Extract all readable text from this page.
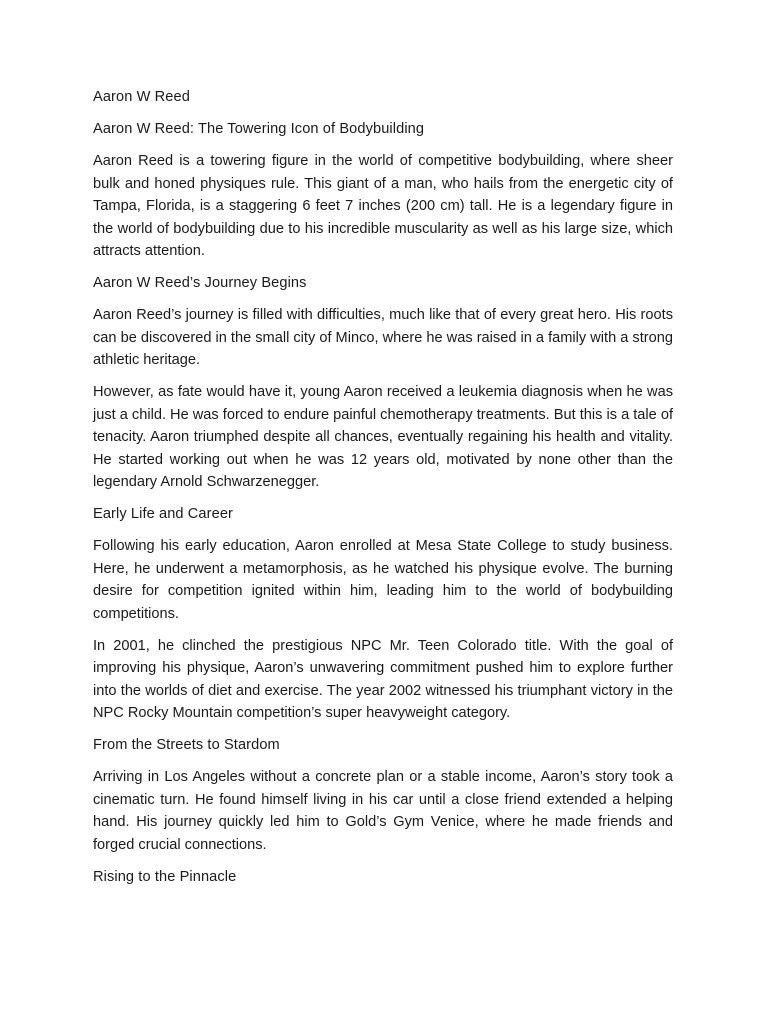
Aaron W Reed
Aaron W Reed: The Towering Icon of Bodybuilding
Aaron Reed is a towering figure in the world of competitive bodybuilding, where sheer bulk and honed physiques rule. This giant of a man, who hails from the energetic city of Tampa, Florida, is a staggering 6 feet 7 inches (200 cm) tall. He is a legendary figure in the world of bodybuilding due to his incredible muscularity as well as his large size, which attracts attention.
Aaron W Reed’s Journey Begins
Aaron Reed’s journey is filled with difficulties, much like that of every great hero. His roots can be discovered in the small city of Minco, where he was raised in a family with a strong athletic heritage.
However, as fate would have it, young Aaron received a leukemia diagnosis when he was just a child. He was forced to endure painful chemotherapy treatments. But this is a tale of tenacity. Aaron triumphed despite all chances, eventually regaining his health and vitality. He started working out when he was 12 years old, motivated by none other than the legendary Arnold Schwarzenegger.
Early Life and Career
Following his early education, Aaron enrolled at Mesa State College to study business. Here, he underwent a metamorphosis, as he watched his physique evolve. The burning desire for competition ignited within him, leading him to the world of bodybuilding competitions.
In 2001, he clinched the prestigious NPC Mr. Teen Colorado title. With the goal of improving his physique, Aaron’s unwavering commitment pushed him to explore further into the worlds of diet and exercise. The year 2002 witnessed his triumphant victory in the NPC Rocky Mountain competition’s super heavyweight category.
From the Streets to Stardom
Arriving in Los Angeles without a concrete plan or a stable income, Aaron’s story took a cinematic turn. He found himself living in his car until a close friend extended a helping hand. His journey quickly led him to Gold’s Gym Venice, where he made friends and forged crucial connections.
Rising to the Pinnacle
